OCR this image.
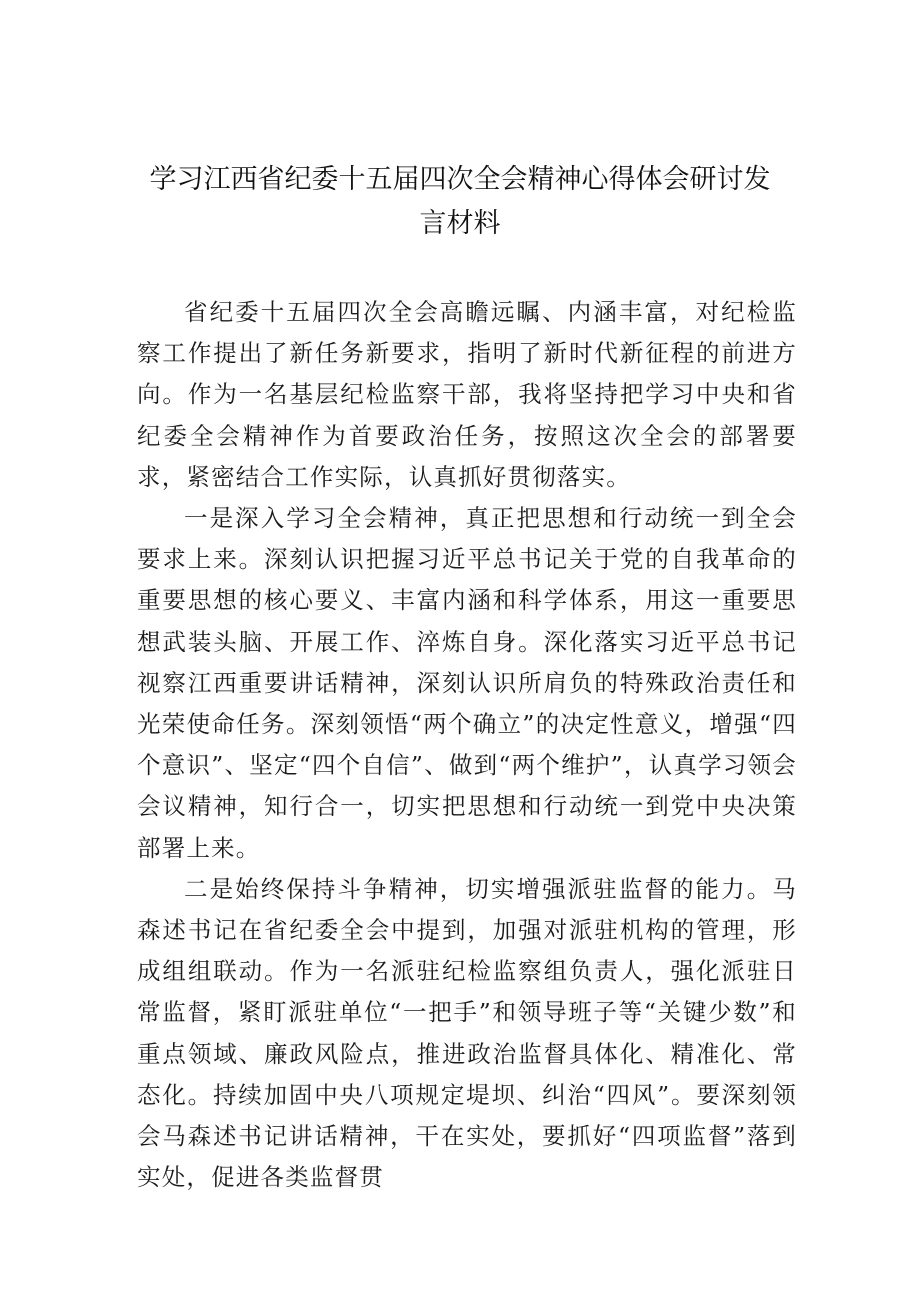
学习江西省纪委十五届四次全会精神心得体会研讨发
言材料

省纪委十五届四次全会高瞻远瞩、内涵丰富，对纪检监察工作提出了新任务新要求，指明了新时代新征程的前进方向。作为一名基层纪检监察干部，我将坚持把学习中央和省纪委全会精神作为首要政治任务，按照这次全会的部署要求，紧密结合工作实际，认真抓好贯彻落实。

一是深入学习全会精神，真正把思想和行动统一到全会要求上来。深刻认识把握习近平总书记关于党的自我革命的重要思想的核心要义、丰富内涵和科学体系，用这一重要思想武装头脑、开展工作、淬炼自身。深化落实习近平总书记视察江西重要讲话精神，深刻认识所肩负的特殊政治责任和光荣使命任务。深刻领悟“两个确立”的决定性意义，增强“四个意识”、坚定“四个自信”、做到“两个维护”，认真学习领会会议精神，知行合一，切实把思想和行动统一到党中央决策部署上来。

二是始终保持斗争精神，切实增强派驻监督的能力。马森述书记在省纪委全会中提到，加强对派驻机构的管理，形成组组联动。作为一名派驻纪检监察组负责人，强化派驻日常监督，紧盯派驻单位“一把手”和领导班子等“关键少数”和重点领域、廉政风险点，推进政治监督具体化、精准化、常态化。持续加固中央八项规定堤坝、纠治“四风”。要深刻领会马森述书记讲话精神，干在实处，要抓好“四项监督”落到实处，促进各类监督贯
